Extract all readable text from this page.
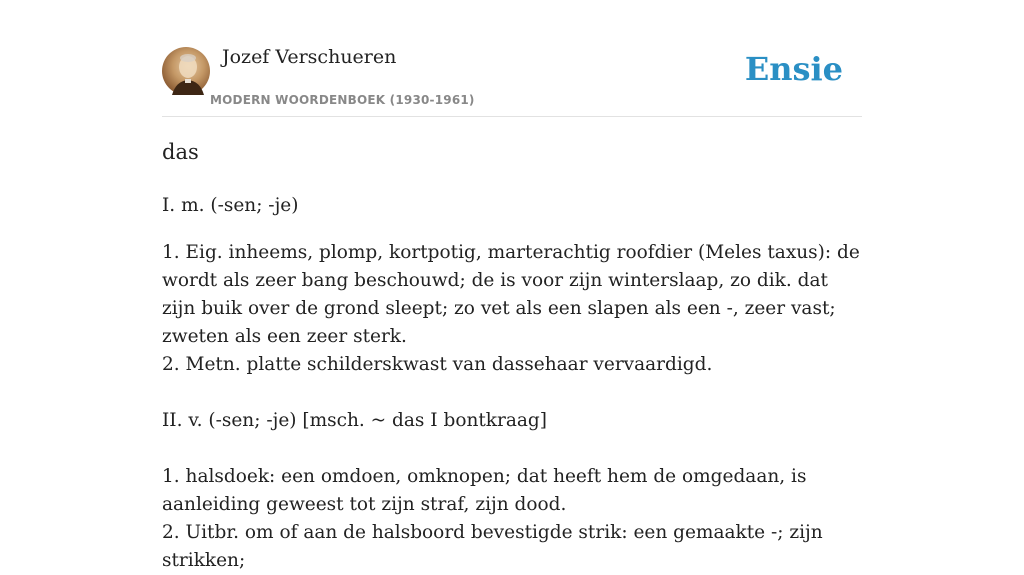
Jozef Verschueren
MODERN WOORDENBOEK (1930-1961)
Ensie
das

I. m. (-sen; -je)

1. Eig. inheems, plomp, kortpotig, marterachtig roofdier (Meles taxus): de wordt als zeer bang beschouwd; de is voor zijn winterslaap, zo dik. dat zijn buik over de grond sleept; zo vet als een slapen als een -, zeer vast; zweten als een zeer sterk.

2. Metn. platte schilderskwast van dassehaar vervaardigd.

II. v. (-sen; -je) [msch. ~ das I bontkraag]

1. halsdoek: een omdoen, omknopen; dat heeft hem de omgedaan, is aanleiding geweest tot zijn straf, zijn dood.

2. Uitbr. om of aan de halsboord bevestigde strik: een gemaakte -; zijn strikken;
